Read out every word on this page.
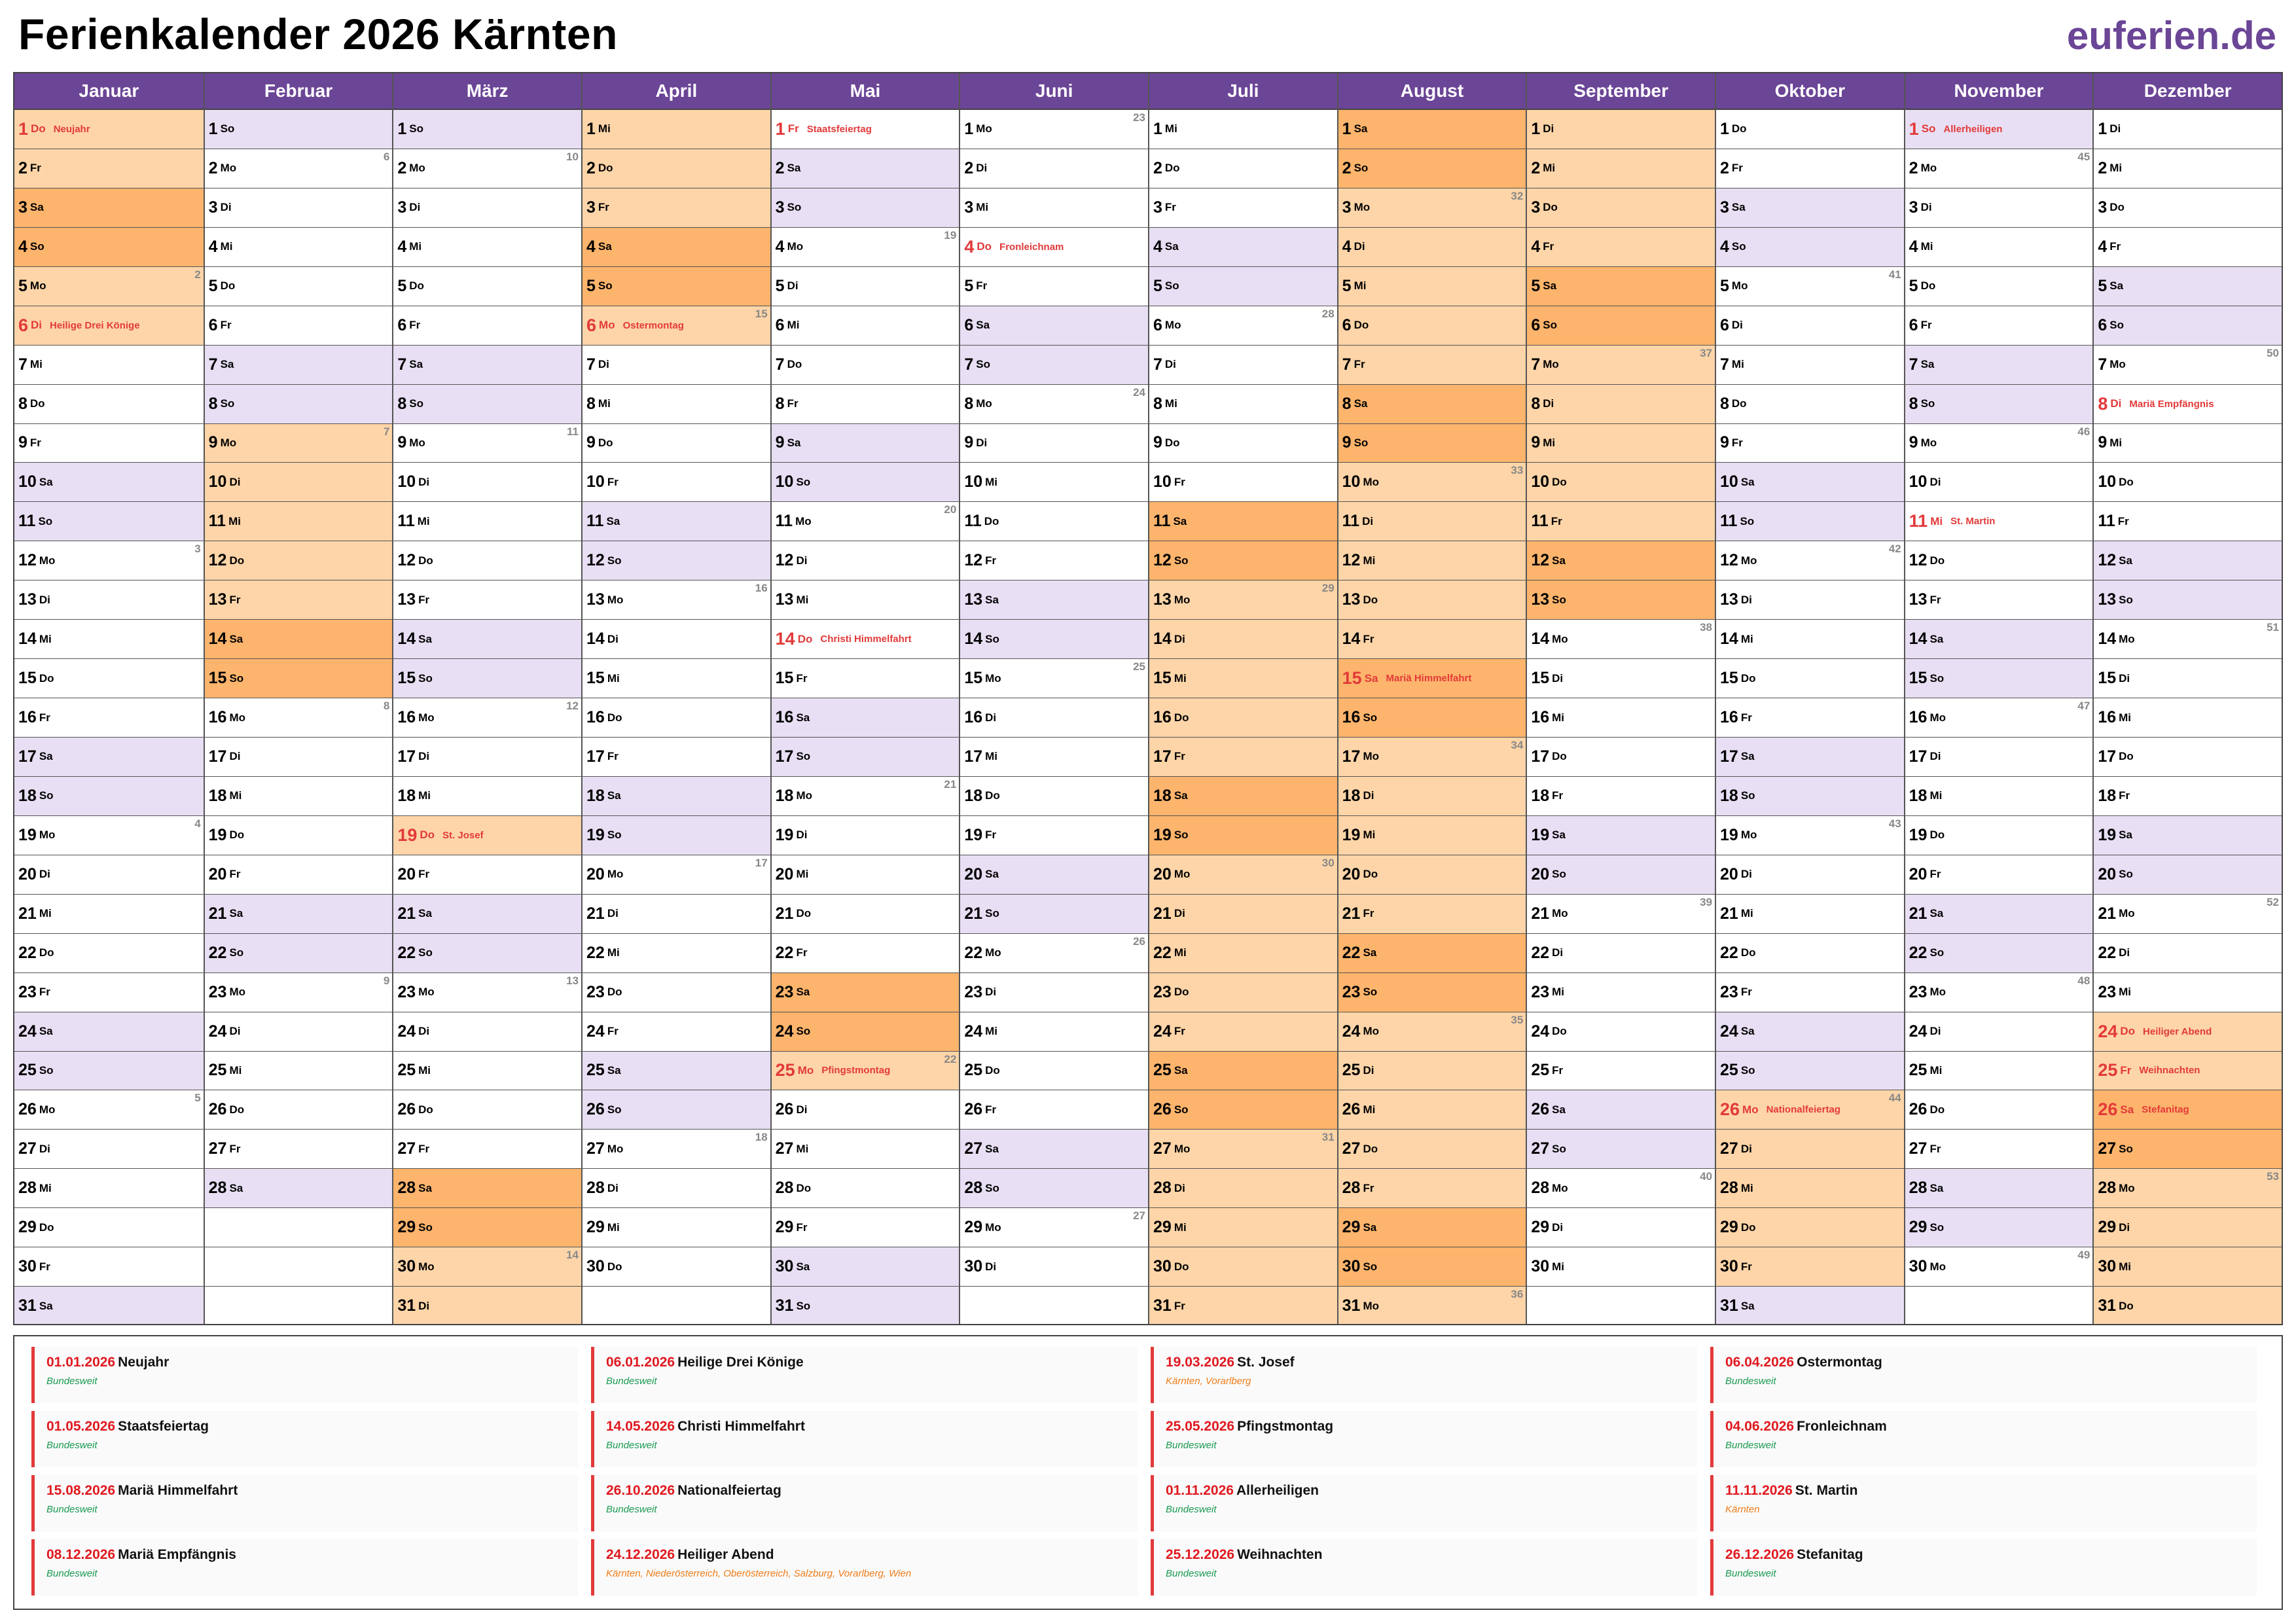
Ferienkalender 2026 Kärnten	euferien.de
Januar
1 Do Neujahr
2 Fr
3 Sa
4 So
5 Mo
2
6 Di Heilige Drei Könige
7 Mi
8 Do
9 Fr
10 Sa
11 So
12 Mo
3
13 Di
14 Mi
15 Do
16 Fr
17 Sa
18 So
19 Mo
4
20 Di
21 Mi
22 Do
23 Fr
24 Sa
25 So
26 Mo
5
27 Di
28 Mi
29 Do
30 Fr
31 Sa
Februar
1 So
2 Mo
6
3 Di
4 Mi
5 Do
6 Fr
7 Sa
8 So
9 Mo
7
10 Di
11 Mi
12 Do
13 Fr
14 Sa
15 So
16 Mo
8
17 Di
18 Mi
19 Do
20 Fr
21 Sa
22 So
23 Mo
9
24 Di
25 Mi
26 Do
27 Fr
28 Sa
März
1 So
2 Mo
10
3 Di
4 Mi
5 Do
6 Fr
7 Sa
8 So
9 Mo
11
10 Di
11 Mi
12 Do
13 Fr
14 Sa
15 So
16 Mo
12
17 Di
18 Mi
19 Do St. Josef
20 Fr
21 Sa
22 So
23 Mo
13
24 Di
25 Mi
26 Do
27 Fr
28 Sa
29 So
30 Mo
14
31 Di
April
1 Mi
2 Do
3 Fr
4 Sa
5 So
6 Mo Ostermontag
15
7 Di
8 Mi
9 Do
10 Fr
11 Sa
12 So
13 Mo
16
14 Di
15 Mi
16 Do
17 Fr
18 Sa
19 So
20 Mo
17
21 Di
22 Mi
23 Do
24 Fr
25 Sa
26 So
27 Mo
18
28 Di
29 Mi
30 Do
Mai
1 Fr Staatsfeiertag
2 Sa
3 So
4 Mo
19
5 Di
6 Mi
7 Do
8 Fr
9 Sa
10 So
11 Mo
20
12 Di
13 Mi
14 Do Christi Himmelfahrt
15 Fr
16 Sa
17 So
18 Mo
21
19 Di
20 Mi
21 Do
22 Fr
23 Sa
24 So
25 Mo Pfingstmontag
22
26 Di
27 Mi
28 Do
29 Fr
30 Sa
31 So
Juni
1 Mo
23
2 Di
3 Mi
4 Do Fronleichnam
5 Fr
6 Sa
7 So
8 Mo
24
9 Di
10 Mi
11 Do
12 Fr
13 Sa
14 So
15 Mo
25
16 Di
17 Mi
18 Do
19 Fr
20 Sa
21 So
22 Mo
26
23 Di
24 Mi
25 Do
26 Fr
27 Sa
28 So
29 Mo
27
30 Di
Juli
1 Mi
2 Do
3 Fr
4 Sa
5 So
6 Mo
28
7 Di
8 Mi
9 Do
10 Fr
11 Sa
12 So
13 Mo
29
14 Di
15 Mi
16 Do
17 Fr
18 Sa
19 So
20 Mo
30
21 Di
22 Mi
23 Do
24 Fr
25 Sa
26 So
27 Mo
31
28 Di
29 Mi
30 Do
31 Fr
August
1 Sa
2 So
3 Mo
32
4 Di
5 Mi
6 Do
7 Fr
8 Sa
9 So
10 Mo
33
11 Di
12 Mi
13 Do
14 Fr
15 Sa Mariä Himmelfahrt
16 So
17 Mo
34
18 Di
19 Mi
20 Do
21 Fr
22 Sa
23 So
24 Mo
35
25 Di
26 Mi
27 Do
28 Fr
29 Sa
30 So
31 Mo
36
September
1 Di
2 Mi
3 Do
4 Fr
5 Sa
6 So
7 Mo
37
8 Di
9 Mi
10 Do
11 Fr
12 Sa
13 So
14 Mo
38
15 Di
16 Mi
17 Do
18 Fr
19 Sa
20 So
21 Mo
39
22 Di
23 Mi
24 Do
25 Fr
26 Sa
27 So
28 Mo
40
29 Di
30 Mi
Oktober
1 Do
2 Fr
3 Sa
4 So
5 Mo
41
6 Di
7 Mi
8 Do
9 Fr
10 Sa
11 So
12 Mo
42
13 Di
14 Mi
15 Do
16 Fr
17 Sa
18 So
19 Mo
43
20 Di
21 Mi
22 Do
23 Fr
24 Sa
25 So
26 Mo Nationalfeiertag
44
27 Di
28 Mi
29 Do
30 Fr
31 Sa
November
1 So Allerheiligen
2 Mo
45
3 Di
4 Mi
5 Do
6 Fr
7 Sa
8 So
9 Mo
46
10 Di
11 Mi St. Martin
12 Do
13 Fr
14 Sa
15 So
16 Mo
47
17 Di
18 Mi
19 Do
20 Fr
21 Sa
22 So
23 Mo
48
24 Di
25 Mi
26 Do
27 Fr
28 Sa
29 So
30 Mo
49
Dezember
1 Di
2 Mi
3 Do
4 Fr
5 Sa
6 So
7 Mo
50
8 Di Mariä Empfängnis
9 Mi
10 Do
11 Fr
12 Sa
13 So
14 Mo
51
15 Di
16 Mi
17 Do
18 Fr
19 Sa
20 So
21 Mo
52
22 Di
23 Mi
24 Do Heiliger Abend
25 Fr Weihnachten
26 Sa Stefanitag
27 So
28 Mo
53
29 Di
30 Mi
31 Do
01.01.2026 Neujahr
Bundesweit
06.01.2026 Heilige Drei Könige
Bundesweit
19.03.2026 St. Josef
Kärnten, Vorarlberg
06.04.2026 Ostermontag
Bundesweit
01.05.2026 Staatsfeiertag
Bundesweit
14.05.2026 Christi Himmelfahrt
Bundesweit
25.05.2026 Pfingstmontag
Bundesweit
04.06.2026 Fronleichnam
Bundesweit
15.08.2026 Mariä Himmelfahrt
Bundesweit
26.10.2026 Nationalfeiertag
Bundesweit
01.11.2026 Allerheiligen
Bundesweit
11.11.2026 St. Martin
Kärnten
08.12.2026 Mariä Empfängnis
Bundesweit
24.12.2026 Heiliger Abend
Kärnten, Niederösterreich, Oberösterreich, Salzburg, Vorarlberg, Wien
25.12.2026 Weihnachten
Bundesweit
26.12.2026 Stefanitag
Bundesweit
